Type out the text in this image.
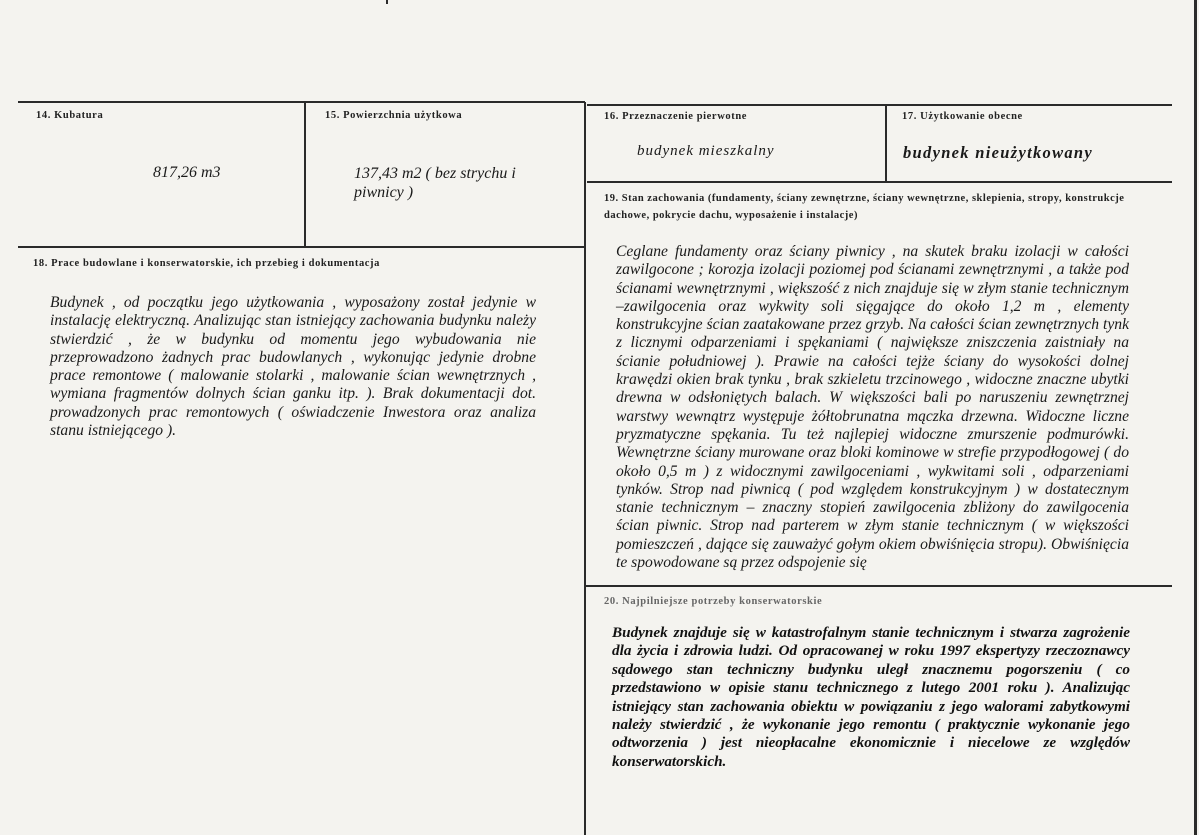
14. Kubatura
817,26 m3
15. Powierzchnia użytkowa
137,43 m2 ( bez strychu i piwnicy )
16. Przeznaczenie pierwotne
budynek mieszkalny
17. Użytkowanie obecne
budynek nieużytkowany
19. Stan zachowania (fundamenty, ściany zewnętrzne, ściany wewnętrzne, sklepienia, stropy, konstrukcje dachowe, pokrycie dachu, wyposażenie i instalacje)
Ceglane fundamenty oraz ściany piwnicy , na skutek braku izolacji w całości zawilgocone ; korozja izolacji poziomej pod ścianami zewnętrznymi , a także pod ścianami wewnętrznymi , większość z nich znajduje się w złym stanie technicznym –zawilgocenia oraz wykwity soli sięgające do około 1,2 m , elementy konstrukcyjne ścian zaatakowane przez grzyb. Na całości ścian zewnętrznych tynk z licznymi odparzeniami i spękaniami ( największe zniszczenia zaistniały na ścianie południowej ). Prawie na całości tejże ściany do wysokości dolnej krawędzi okien brak tynku , brak szkieletu trzcinowego , widoczne znaczne ubytki drewna w odsłoniętych balach. W większości bali po naruszeniu zewnętrznej warstwy wewnątrz występuje żółtobrunatna mączka drzewna. Widoczne liczne pryzmatyczne spękania. Tu też najlepiej widoczne zmurszenie podmurówki. Wewnętrzne ściany murowane oraz bloki kominowe w strefie przypodłogowej ( do około 0,5 m ) z widocznymi zawilgoceniami , wykwitami soli , odparzeniami tynków. Strop nad piwnicą ( pod względem konstrukcyjnym ) w dostatecznym stanie technicznym – znaczny stopień zawilgocenia zbliżony do zawilgocenia ścian piwnic. Strop nad parterem w złym stanie technicznym ( w większości pomieszczeń , dające się zauważyć gołym okiem obwiśnięcia stropu). Obwiśnięcia te spowodowane są przez odspojenie się
18. Prace budowlane i konserwatorskie, ich przebieg i dokumentacja
Budynek , od początku jego użytkowania , wyposażony został jedynie w instalację elektryczną. Analizując stan istniejący zachowania budynku należy stwierdzić , że w budynku od momentu jego wybudowania nie przeprowadzono żadnych prac budowlanych , wykonując jedynie drobne prace remontowe ( malowanie stolarki , malowanie ścian wewnętrznych , wymiana fragmentów dolnych ścian ganku itp. ). Brak dokumentacji dot. prowadzonych prac remontowych ( oświadczenie Inwestora oraz analiza stanu istniejącego ).
20. Najpilniejsze potrzeby konserwatorskie
Budynek znajduje się w katastrofalnym stanie technicznym i stwarza zagrożenie dla życia i zdrowia ludzi. Od opracowanej w roku 1997 ekspertyzy rzeczoznawcy sądowego stan techniczny budynku uległ znacznemu pogorszeniu ( co przedstawiono w opisie stanu technicznego z lutego 2001 roku ). Analizując istniejący stan zachowania obiektu w powiązaniu z jego walorami zabytkowymi należy stwierdzić , że wykonanie jego remontu ( praktycznie wykonanie jego odtworzenia ) jest nieopłacalne ekonomicznie i niecelowe ze względów konserwatorskich.
